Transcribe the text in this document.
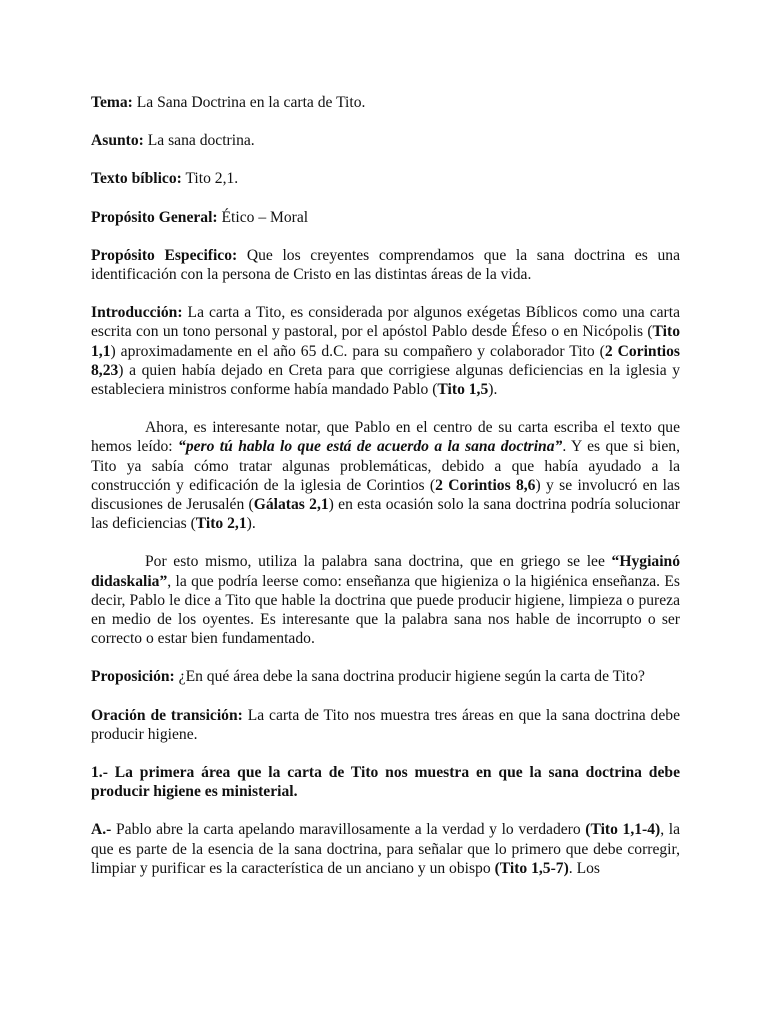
Tema: La Sana Doctrina en la carta de Tito.

Asunto: La sana doctrina.

Texto bíblico: Tito 2,1.

Propósito General: Ético – Moral

Propósito Especifico: Que los creyentes comprendamos que la sana doctrina es una identificación con la persona de Cristo en las distintas áreas de la vida.

Introducción: La carta a Tito, es considerada por algunos exégetas Bíblicos como una carta escrita con un tono personal y pastoral, por el apóstol Pablo desde Éfeso o en Nicópolis (Tito 1,1) aproximadamente en el año 65 d.C. para su compañero y colaborador Tito (2 Corintios 8,23) a quien había dejado en Creta para que corrigiese algunas deficiencias en la iglesia y estableciera ministros conforme había mandado Pablo (Tito 1,5).

Ahora, es interesante notar, que Pablo en el centro de su carta escriba el texto que hemos leído: “pero tú habla lo que está de acuerdo a la sana doctrina”. Y es que si bien, Tito ya sabía cómo tratar algunas problemáticas, debido a que había ayudado a la construcción y edificación de la iglesia de Corintios (2 Corintios 8,6) y se involucró en las discusiones de Jerusalén (Gálatas 2,1) en esta ocasión solo la sana doctrina podría solucionar las deficiencias (Tito 2,1).

Por esto mismo, utiliza la palabra sana doctrina, que en griego se lee “Hygiainó didaskalia”, la que podría leerse como: enseñanza que higieniza o la higiénica enseñanza. Es decir, Pablo le dice a Tito que hable la doctrina que puede producir higiene, limpieza o pureza en medio de los oyentes. Es interesante que la palabra sana nos hable de incorrupto o ser correcto o estar bien fundamentado.

Proposición: ¿En qué área debe la sana doctrina producir higiene según la carta de Tito?

Oración de transición: La carta de Tito nos muestra tres áreas en que la sana doctrina debe producir higiene.

1.- La primera área que la carta de Tito nos muestra en que la sana doctrina debe producir higiene es ministerial.

A.- Pablo abre la carta apelando maravillosamente a la verdad y lo verdadero (Tito 1,1-4), la que es parte de la esencia de la sana doctrina, para señalar que lo primero que debe corregir, limpiar y purificar es la característica de un anciano y un obispo (Tito 1,5-7). Los
